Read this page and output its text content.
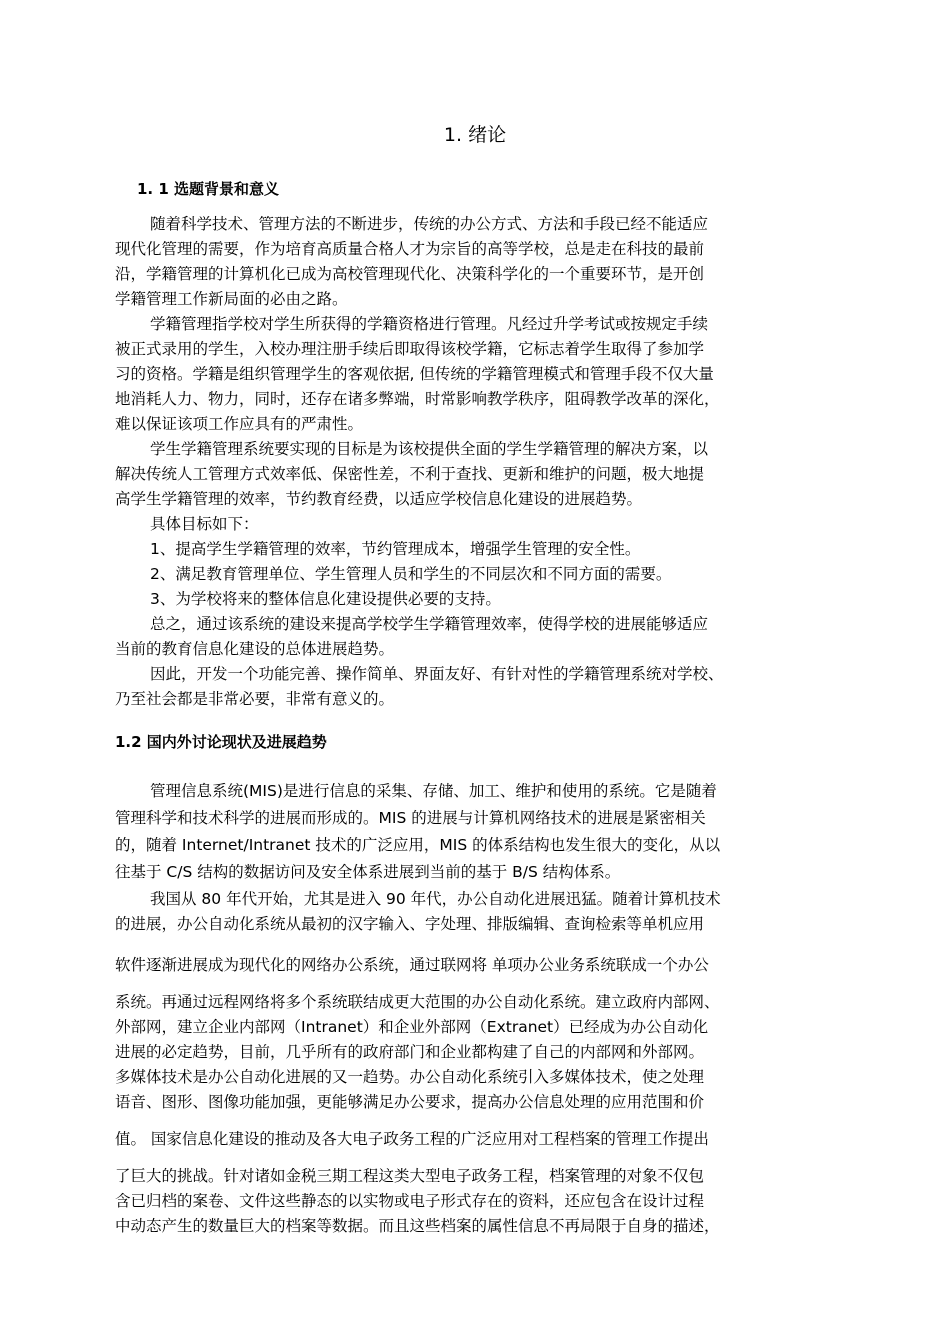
1. 绪论
1. 1 选题背景和意义
随着科学技术、管理方法的不断进步，传统的办公方式、方法和手段已经不能适应
现代化管理的需要，作为培育高质量合格人才为宗旨的高等学校，总是走在科技的最前
沿，学籍管理的计算机化已成为高校管理现代化、决策科学化的一个重要环节，是开创
学籍管理工作新局面的必由之路。
学籍管理指学校对学生所获得的学籍资格进行管理。凡经过升学考试或按规定手续
被正式录用的学生，入校办理注册手续后即取得该校学籍，它标志着学生取得了参加学
习的资格。学籍是组织管理学生的客观依据, 但传统的学籍管理模式和管理手段不仅大量
地消耗人力、物力，同时，还存在诸多弊端，时常影响教学秩序，阻碍教学改革的深化，
难以保证该项工作应具有的严肃性。
学生学籍管理系统要实现的目标是为该校提供全面的学生学籍管理的解决方案，以
解决传统人工管理方式效率低、保密性差，不利于查找、更新和维护的问题，极大地提
高学生学籍管理的效率，节约教育经费，以适应学校信息化建设的进展趋势。
具体目标如下：
1、提高学生学籍管理的效率，节约管理成本，增强学生管理的安全性。
2、满足教育管理单位、学生管理人员和学生的不同层次和不同方面的需要。
3、为学校将来的整体信息化建设提供必要的支持。
总之，通过该系统的建设来提高学校学生学籍管理效率，使得学校的进展能够适应
当前的教育信息化建设的总体进展趋势。
因此，开发一个功能完善、操作简单、界面友好、有针对性的学籍管理系统对学校、
乃至社会都是非常必要，非常有意义的。
1.2 国内外讨论现状及进展趋势
管理信息系统(MIS)是进行信息的采集、存储、加工、维护和使用的系统。它是随着
管理科学和技术科学的进展而形成的。MIS 的进展与计算机网络技术的进展是紧密相关
的，随着 Internet/Intranet 技术的广泛应用，MIS 的体系结构也发生很大的变化，从以
往基于 C/S 结构的数据访问及安全体系进展到当前的基于 B/S 结构体系。
我国从 80 年代开始，尤其是进入 90 年代，办公自动化进展迅猛。随着计算机技术
的进展，办公自动化系统从最初的汉字输入、字处理、排版编辑、查询检索等单机应用
软件逐渐进展成为现代化的网络办公系统，通过联网将 单项办公业务系统联成一个办公
系统。再通过远程网络将多个系统联结成更大范围的办公自动化系统。建立政府内部网、
外部网，建立企业内部网（Intranet）和企业外部网（Extranet）已经成为办公自动化
进展的必定趋势，目前，几乎所有的政府部门和企业都构建了自己的内部网和外部网。
多媒体技术是办公自动化进展的又一趋势。办公自动化系统引入多媒体技术，使之处理
语音、图形、图像功能加强，更能够满足办公要求，提高办公信息处理的应用范围和价
值。 国家信息化建设的推动及各大电子政务工程的广泛应用对工程档案的管理工作提出
了巨大的挑战。针对诸如金税三期工程这类大型电子政务工程，档案管理的对象不仅包
含已归档的案卷、文件这些静态的以实物或电子形式存在的资料，还应包含在设计过程
中动态产生的数量巨大的档案等数据。而且这些档案的属性信息不再局限于自身的描述，
